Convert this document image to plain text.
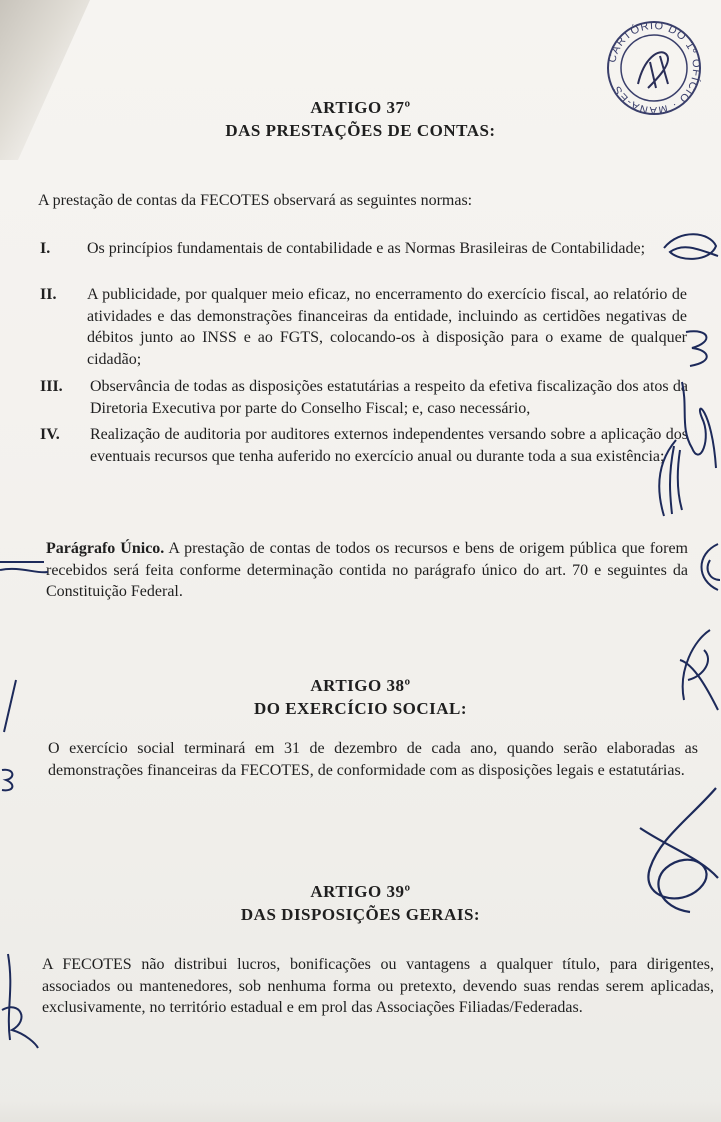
CARTÓRIO DO 1º OFÍCIO · MANA-ES
ARTIGO 37º
DAS PRESTAÇÕES DE CONTAS:
A prestação de contas da FECOTES observará as seguintes normas:
I. Os princípios fundamentais de contabilidade e as Normas Brasileiras de Contabilidade;
II. A publicidade, por qualquer meio eficaz, no encerramento do exercício fiscal, ao relatório de atividades e das demonstrações financeiras da entidade, incluindo as certidões negativas de débitos junto ao INSS e ao FGTS, colocando-os à disposição para o exame de qualquer cidadão;
III. Observância de todas as disposições estatutárias a respeito da efetiva fiscalização dos atos da Diretoria Executiva por parte do Conselho Fiscal; e, caso necessário,
IV. Realização de auditoria por auditores externos independentes versando sobre a aplicação dos eventuais recursos que tenha auferido no exercício anual ou durante toda a sua existência;
Parágrafo Único. A prestação de contas de todos os recursos e bens de origem pública que forem recebidos será feita conforme determinação contida no parágrafo único do art. 70 e seguintes da Constituição Federal.
ARTIGO 38º
DO EXERCÍCIO SOCIAL:
O exercício social terminará em 31 de dezembro de cada ano, quando serão elaboradas as demonstrações financeiras da FECOTES, de conformidade com as disposições legais e estatutárias.
ARTIGO 39º
DAS DISPOSIÇÕES GERAIS:
A FECOTES não distribui lucros, bonificações ou vantagens a qualquer título, para dirigentes, associados ou mantenedores, sob nenhuma forma ou pretexto, devendo suas rendas serem aplicadas, exclusivamente, no território estadual e em prol das Associações Filiadas/Federadas.
